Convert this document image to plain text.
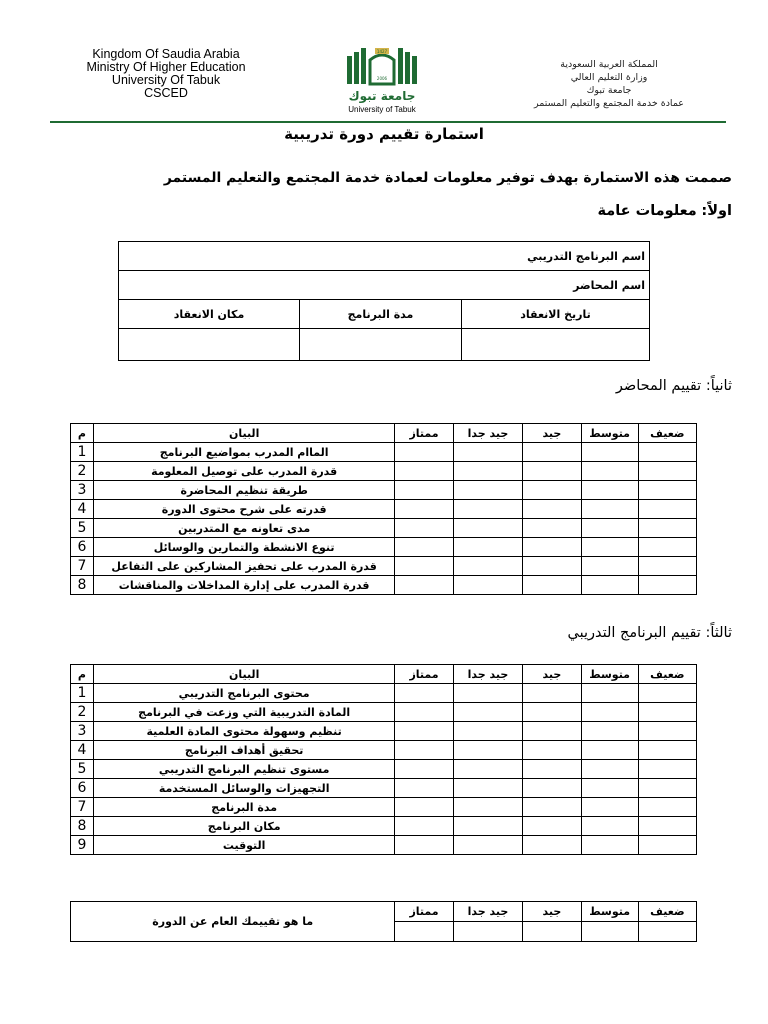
Kingdom Of Saudia Arabia
Ministry Of Higher Education
University Of Tabuk
CSCED
1427
2006
جامعة تبوك
University of Tabuk
المملكة العربية السعودية
وزارة التعليم العالي
جامعة تبوك
عمادة خدمة المجتمع والتعليم المستمر
استمارة تقييم دورة تدريبية
صممت هذه الاستمارة بهدف توفير معلومات لعمادة خدمة المجتمع والتعليم المستمر
اولاً: معلومات عامة
اسم البرنامج التدريبي		
اسم المحاضر		
مكان الانعقاد	مدة البرنامج	تاريخ الانعقاد

ثانياً: تقييم المحاضر
م	البيان	ممتاز	جيد جدا	جيد	متوسط	ضعيف
1	الماام المدرب بمواضيع البرنامج					
2	قدرة المدرب على توصيل المعلومة					
3	طريقة تنظيم المحاضرة					
4	قدرته على شرح محتوى الدورة					
5	مدى تعاونه مع المتدربين					
6	تنوع الانشطة والتمارين والوسائل					
7	قدرة المدرب على تحفيز المشاركين على التفاعل					
8	قدرة المدرب على إدارة المداخلات والمناقشات					
ثالثاً: تقييم البرنامج التدريبي
م	البيان	ممتاز	جيد جدا	جيد	متوسط	ضعيف
1	محتوى البرنامج التدريبي					
2	المادة التدريبية التي وزعت في البرنامج					
3	تنظيم وسهولة محتوى المادة العلمية					
4	تحقيق أهداف البرنامج					
5	مستوى تنظيم البرنامج التدريبي					
6	التجهيزات والوسائل المستخدمة					
7	مدة البرنامج					
8	مكان البرنامج					
9	التوقيت					
ما هو تقييمك العام عن الدورة	ممتاز	جيد جدا	جيد	متوسط	ضعيف
